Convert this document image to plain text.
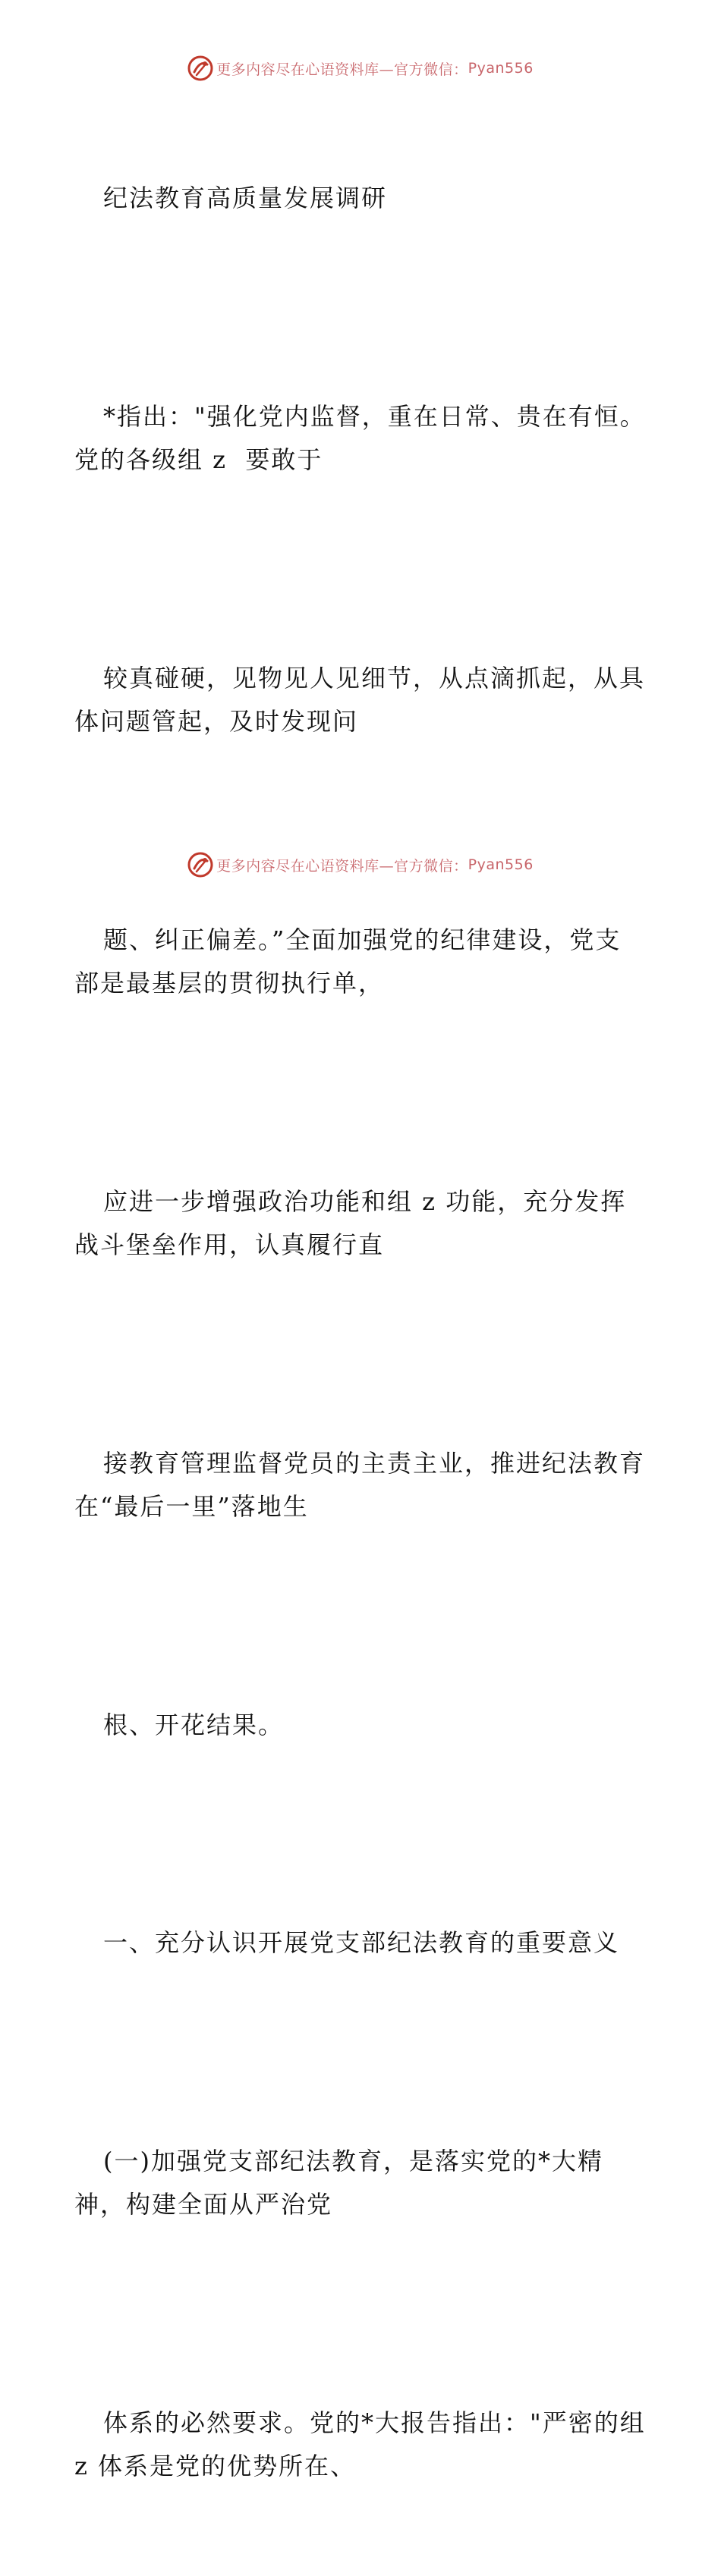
更多内容尽在心语资料库—官方微信： Pyan556

纪法教育高质量发展调研

*指出："强化党内监督，重在日常、贵在有恒。
党的各级组 z  要敢于

较真碰硬，见物见人见细节，从点滴抓起，从具
体问题管起，及时发现问

题、纠正偏差。”全面加强党的纪律建设，党支
部是最基层的贯彻执行单，

应进一步增强政治功能和组 z 功能，充分发挥
战斗堡垒作用，认真履行直

接教育管理监督党员的主责主业，推进纪法教育
在“最后一里”落地生

根、开花结果。

一、充分认识开展党支部纪法教育的重要意义

(一)加强党支部纪法教育，是落实党的*大精
神，构建全面从严治党

体系的必然要求。党的*大报告指出："严密的组
z 体系是党的优势所在、

更多内容尽在心语资料库—官方微信： Pyan556
